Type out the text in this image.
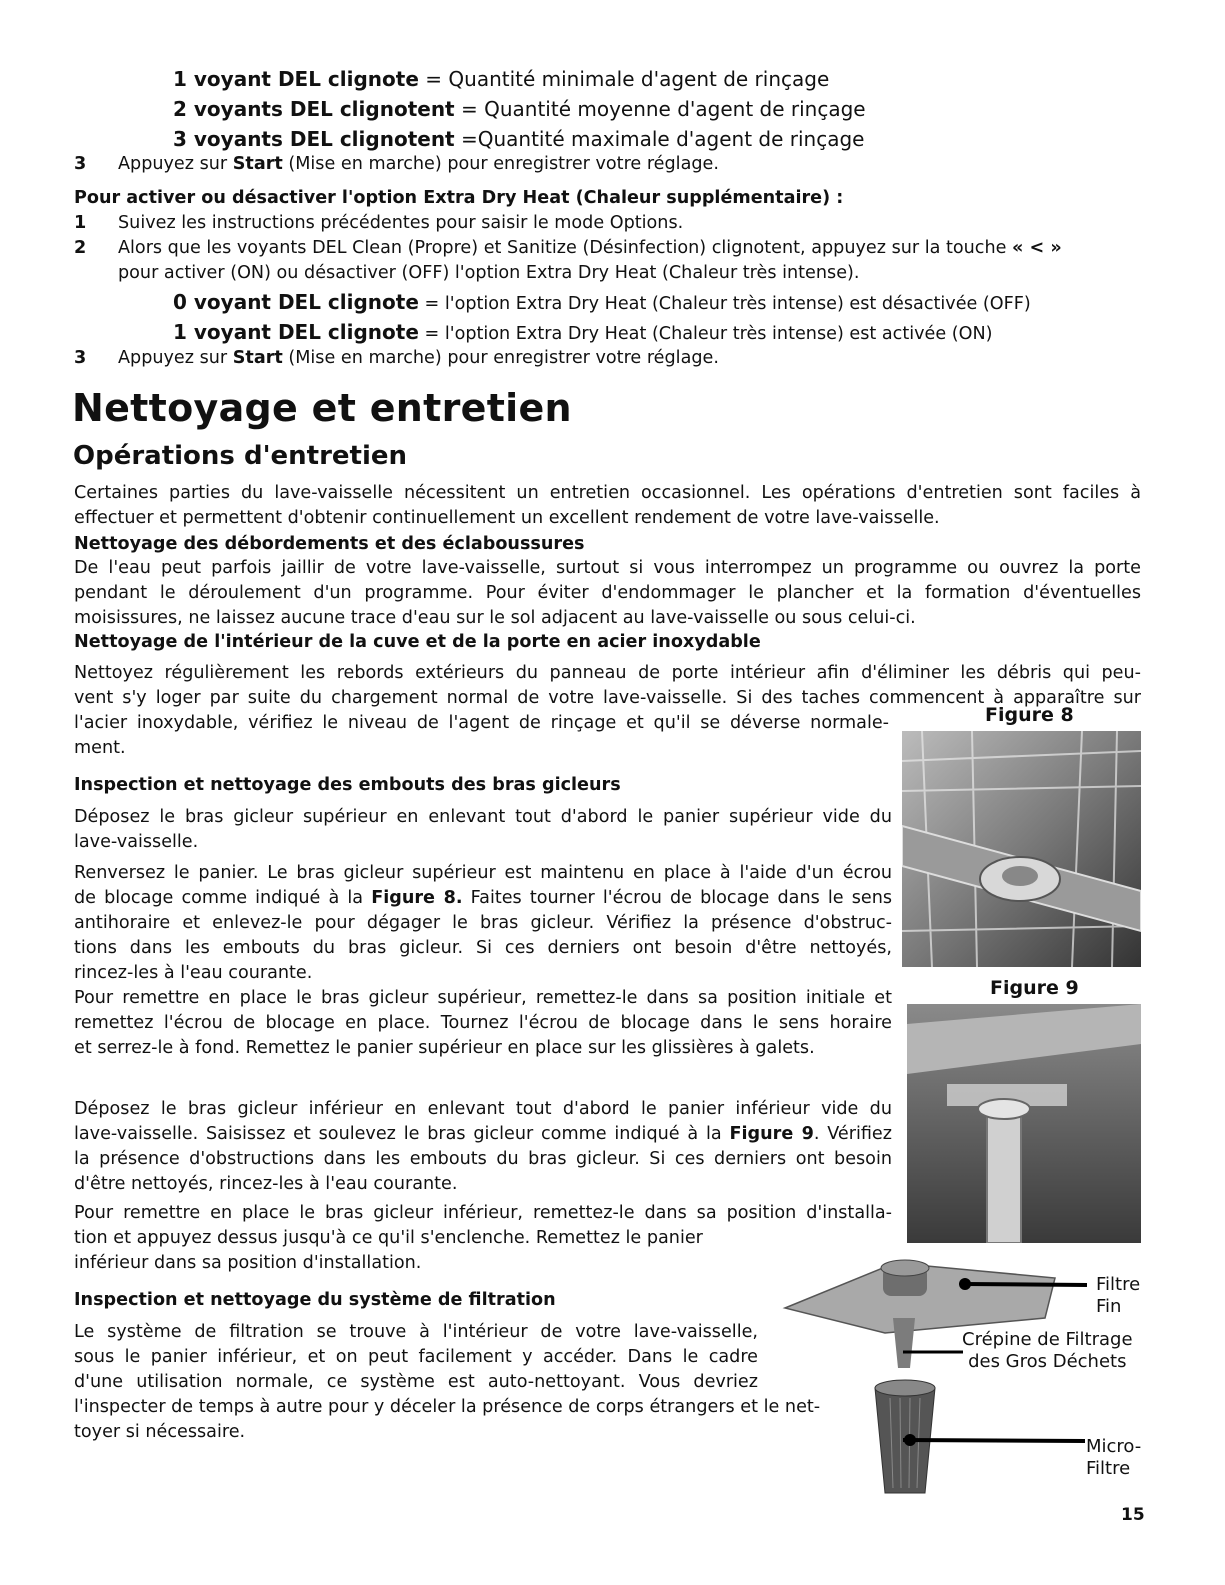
1 voyant DEL clignote = Quantité minimale d'agent de rinçage
2 voyants DEL clignotent = Quantité moyenne d'agent de rinçage
3 voyants DEL clignotent =Quantité maximale d'agent de rinçage
3 Appuyez sur Start (Mise en marche) pour enregistrer votre réglage.
Pour activer ou désactiver l'option Extra Dry Heat (Chaleur supplémentaire) :
1 Suivez les instructions précédentes pour saisir le mode Options.
2 Alors que les voyants DEL Clean (Propre) et Sanitize (Désinfection) clignotent, appuyez sur la touche « < »
pour activer (ON) ou désactiver (OFF) l'option Extra Dry Heat (Chaleur très intense).
0 voyant DEL clignote = l'option Extra Dry Heat (Chaleur très intense) est désactivée (OFF)
1 voyant DEL clignote = l'option Extra Dry Heat (Chaleur très intense) est activée (ON)
3 Appuyez sur Start (Mise en marche) pour enregistrer votre réglage.
Nettoyage et entretien
Opérations d'entretien
Certaines parties du lave-vaisselle nécessitent un entretien occasionnel. Les opérations d'entretien sont faciles à
effectuer et permettent d'obtenir continuellement un excellent rendement de votre lave-vaisselle.
Nettoyage des débordements et des éclaboussures
De l'eau peut parfois jaillir de votre lave-vaisselle, surtout si vous interrompez un programme ou ouvrez la porte
pendant le déroulement d'un programme. Pour éviter d'endommager le plancher et la formation d'éventuelles
moisissures, ne laissez aucune trace d'eau sur le sol adjacent au lave-vaisselle ou sous celui-ci.
Nettoyage de l'intérieur de la cuve et de la porte en acier inoxydable
Nettoyez régulièrement les rebords extérieurs du panneau de porte intérieur afin d'éliminer les débris qui peu-
vent s'y loger par suite du chargement normal de votre lave-vaisselle. Si des taches commencent à apparaître sur
l'acier inoxydable, vérifiez le niveau de l'agent de rinçage et qu'il se déverse normale-
ment.
Inspection et nettoyage des embouts des bras gicleurs
Déposez le bras gicleur supérieur en enlevant tout d'abord le panier supérieur vide du
lave-vaisselle.
Renversez le panier. Le bras gicleur supérieur est maintenu en place à l'aide d'un écrou
de blocage comme indiqué à la Figure 8. Faites tourner l'écrou de blocage dans le sens
antihoraire et enlevez-le pour dégager le bras gicleur. Vérifiez la présence d'obstruc-
tions dans les embouts du bras gicleur. Si ces derniers ont besoin d'être nettoyés,
rincez-les à l'eau courante.
Pour remettre en place le bras gicleur supérieur, remettez-le dans sa position initiale et
remettez l'écrou de blocage en place. Tournez l'écrou de blocage dans le sens horaire
et serrez-le à fond. Remettez le panier supérieur en place sur les glissières à galets.
Déposez le bras gicleur inférieur en enlevant tout d'abord le panier inférieur vide du
lave-vaisselle. Saisissez et soulevez le bras gicleur comme indiqué à la Figure 9. Vérifiez
la présence d'obstructions dans les embouts du bras gicleur. Si ces derniers ont besoin
d'être nettoyés, rincez-les à l'eau courante.
Pour remettre en place le bras gicleur inférieur, remettez-le dans sa position d'installa-
tion et appuyez dessus jusqu'à ce qu'il s'enclenche. Remettez le panier
inférieur dans sa position d'installation.
Inspection et nettoyage du système de filtration
Le système de filtration se trouve à l'intérieur de votre lave-vaisselle,
sous le panier inférieur, et on peut facilement y accéder. Dans le cadre
d'une utilisation normale, ce système est auto-nettoyant. Vous devriez
l'inspecter de temps à autre pour y déceler la présence de corps étrangers et le net-
toyer si nécessaire.
Figure 8
Figure 9
Filtre
Fin
Crépine de Filtrage
des Gros Déchets
Micro-
Filtre
15
